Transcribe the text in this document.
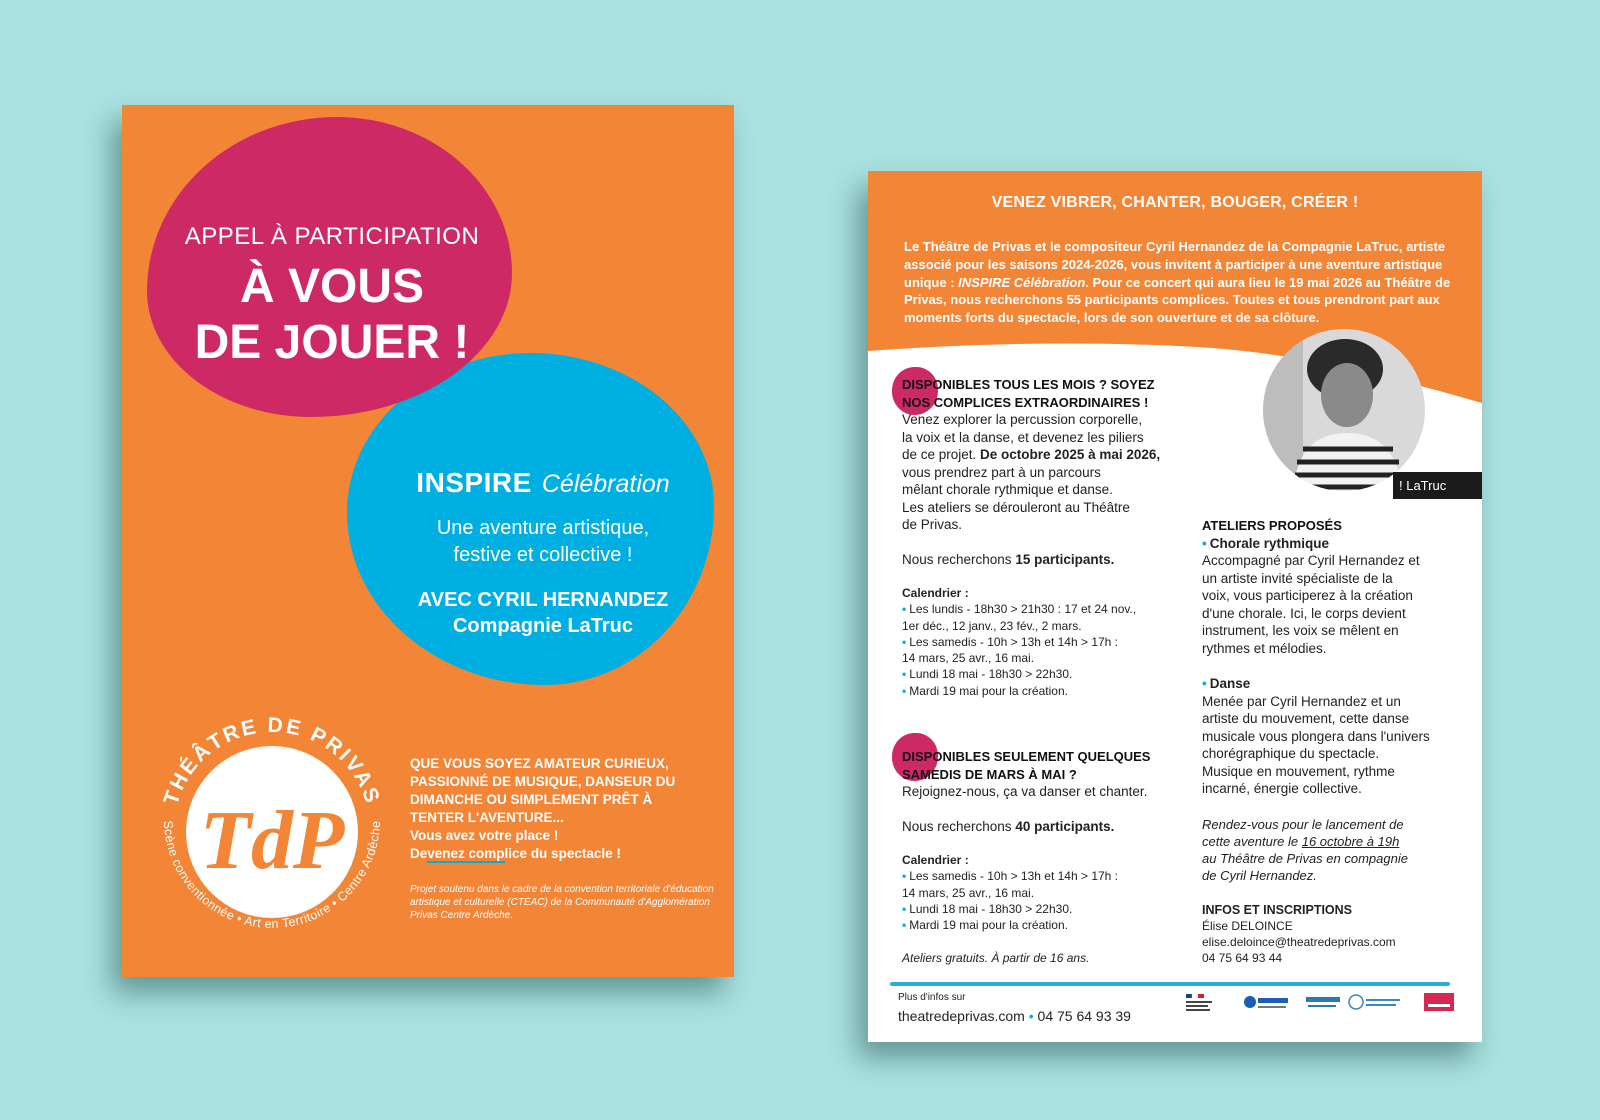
APPEL À PARTICIPATION
À VOUS
DE JOUER !
INSPIRE Célébration
Une aventure artistique,
festive et collective !
AVEC CYRIL HERNANDEZ
Compagnie LaTruc
THÉÂTRE DE PRIVAS
Scène conventionnée • Art en Territoire • Centre Ardèche
TdP
QUE VOUS SOYEZ AMATEUR CURIEUX,
PASSIONNÉ DE MUSIQUE, DANSEUR DU
DIMANCHE OU SIMPLEMENT PRÊT À
TENTER L'AVENTURE...
Vous avez votre place !
Devenez complice du spectacle !
Projet soutenu dans le cadre de la convention territoriale d'éducation artistique et culturelle (CTEAC) de la Communauté d'Agglomération Privas Centre Ardèche.
VENEZ VIBRER, CHANTER, BOUGER, CRÉER !
Le Théâtre de Privas et le compositeur Cyril Hernandez de la Compagnie LaTruc, artiste associé pour les saisons 2024-2026, vous invitent à participer à une aventure artistique unique : INSPIRE Célébration. Pour ce concert qui aura lieu le 19 mai 2026 au Théâtre de Privas, nous recherchons 55 participants complices. Toutes et tous prendront part aux moments forts du spectacle, lors de son ouverture et de sa clôture.
DISPONIBLES TOUS LES MOIS ? SOYEZ
NOS COMPLICES EXTRAORDINAIRES !
Venez explorer la percussion corporelle,
la voix et la danse, et devenez les piliers
de ce projet. De octobre 2025 à mai 2026,
vous prendrez part à un parcours
mêlant chorale rythmique et danse.
Les ateliers se dérouleront au Théâtre
de Privas.
Nous recherchons 15 participants.
Calendrier :
• Les lundis - 18h30 > 21h30 : 17 et 24 nov.,
1er déc., 12 janv., 23 fév., 2 mars.
• Les samedis - 10h > 13h et 14h > 17h :
14 mars, 25 avr., 16 mai.
• Lundi 18 mai - 18h30 > 22h30.
• Mardi 19 mai pour la création.
DISPONIBLES SEULEMENT QUELQUES
SAMEDIS DE MARS À MAI ?
Rejoignez-nous, ça va danser et chanter.
Nous recherchons 40 participants.
Calendrier :
• Les samedis - 10h > 13h et 14h > 17h :
14 mars, 25 avr., 16 mai.
• Lundi 18 mai - 18h30 > 22h30.
• Mardi 19 mai pour la création.
Ateliers gratuits. À partir de 16 ans.
! LaTruc
ATELIERS PROPOSÉS
• Chorale rythmique
Accompagné par Cyril Hernandez et
un artiste invité spécialiste de la
voix, vous participerez à la création
d'une chorale. Ici, le corps devient
instrument, les voix se mêlent en
rythmes et mélodies.
• Danse
Menée par Cyril Hernandez et un
artiste du mouvement, cette danse
musicale vous plongera dans l'univers
chorégraphique du spectacle.
Musique en mouvement, rythme
incarné, énergie collective.
Rendez-vous pour le lancement de
cette aventure le 16 octobre à 19h
au Théâtre de Privas en compagnie
de Cyril Hernandez.
INFOS ET INSCRIPTIONS
Élise DELOINCE
elise.deloince@theatredeprivas.com
04 75 64 93 44
Plus d'infos sur
theatredeprivas.com • 04 75 64 93 39
